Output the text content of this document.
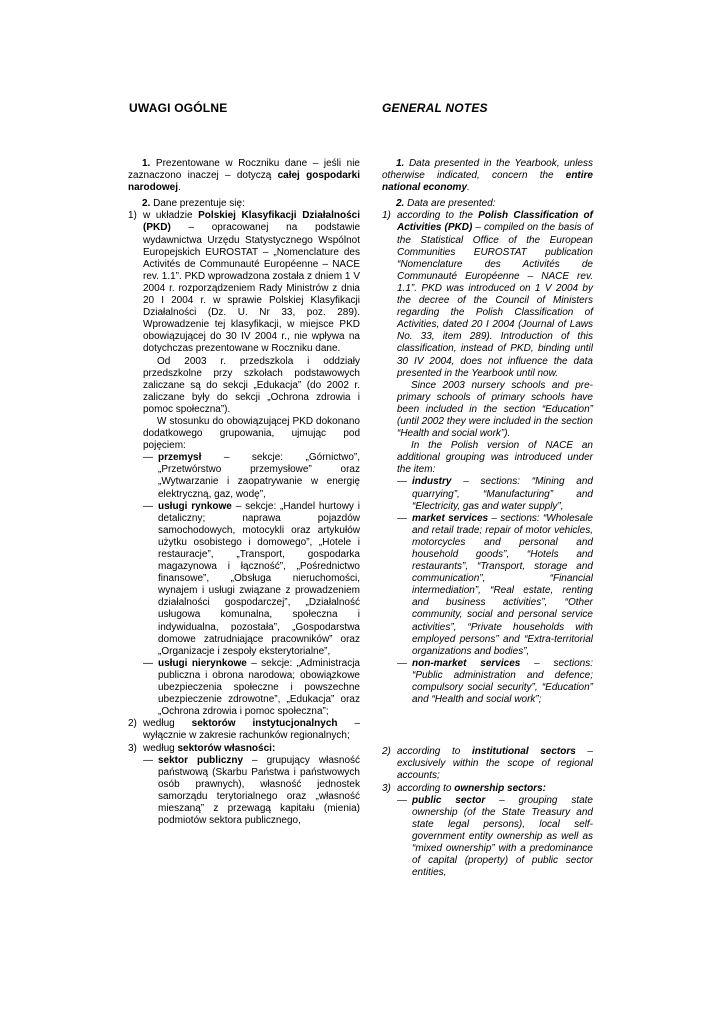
UWAGI OGÓLNE	GENERAL NOTES

1. Prezentowane w Roczniku dane – jeśli nie zaznaczono inaczej – dotyczą całej gospodarki narodowej.

2. Dane prezentuje się:

1) w układzie Polskiej Klasyfikacji Działalności (PKD) – opracowanej na podstawie wydawnictwa Urzędu Statystycznego Wspólnot Europejskich EUROSTAT – „Nomenclature des Activités de Communauté Européenne – NACE rev. 1.1”. PKD wprowadzona została z dniem 1 V 2004 r. rozporządzeniem Rady Ministrów z dnia 20 I 2004 r. w sprawie Polskiej Klasyfikacji Działalności (Dz. U. Nr 33, poz. 289). Wprowadzenie tej klasyfikacji, w miejsce PKD obowiązującej do 30 IV 2004 r., nie wpływa na dotychczas prezentowane w Roczniku dane.

Od 2003 r. przedszkola i oddziały przedszkolne przy szkołach podstawowych zaliczane są do sekcji „Edukacja” (do 2002 r. zaliczane były do sekcji „Ochrona zdrowia i pomoc społeczna”).

W stosunku do obowiązującej PKD dokonano dodatkowego grupowania, ujmując pod pojęciem:

— przemysł – sekcje: „Górnictwo”, „Przetwórstwo przemysłowe” oraz „Wytwarzanie i zaopatrywanie w energię elektryczną, gaz, wodę”,

— usługi rynkowe – sekcje: „Handel hurtowy i detaliczny; naprawa pojazdów samochodowych, motocykli oraz artykułów użytku osobistego i domowego”, „Hotele i restauracje”, „Transport, gospodarka magazynowa i łączność”, „Pośrednictwo finansowe”, „Obsługa nieruchomości, wynajem i usługi związane z prowadzeniem działalności gospodarczej”, „Działalność usługowa komunalna, społeczna i indywidualna, pozostała”, „Gospodarstwa domowe zatrudniające pracowników” oraz „Organizacje i zespoły eksterytorialne”,

— usługi nierynkowe – sekcje: „Administracja publiczna i obrona narodowa; obowiązkowe ubezpieczenia społeczne i powszechne ubezpieczenie zdrowotne”, „Edukacja” oraz „Ochrona zdrowia i pomoc społeczna”;

2) według sektorów instytucjonalnych – wyłącznie w zakresie rachunków regionalnych;

3) według sektorów własności:

— sektor publiczny – grupujący własność państwową (Skarbu Państwa i państwowych osób prawnych), własność jednostek samorządu terytorialnego oraz „własność mieszaną” z przewagą kapitału (mienia) podmiotów sektora publicznego,

1. Data presented in the Yearbook, unless otherwise indicated, concern the entire national economy.

2. Data are presented:

1) according to the Polish Classification of Activities (PKD) – compiled on the basis of the Statistical Office of the European Communities EUROSTAT publication “Nomenclature des Activités de Communauté Européenne – NACE rev. 1.1”. PKD was introduced on 1 V 2004 by the decree of the Council of Ministers regarding the Polish Classification of Activities, dated 20 I 2004 (Journal of Laws No. 33, item 289). Introduction of this classification, instead of PKD, binding until 30 IV 2004, does not influence the data presented in the Yearbook until now.

Since 2003 nursery schools and pre-primary schools of primary schools have been included in the section “Education” (until 2002 they were included in the section “Health and social work”).

In the Polish version of NACE an additional grouping was introduced under the item:

— industry – sections: “Mining and quarrying”, “Manufacturing” and “Electricity, gas and water supply”,

— market services – sections: “Wholesale and retail trade; repair of motor vehicles, motorcycles and personal and household goods”, “Hotels and restaurants”, “Transport, storage and communication”, “Financial intermediation”, “Real estate, renting and business activities”, “Other community, social and personal service activities”, “Private households with employed persons” and “Extra-territorial organizations and bodies”,

— non-market services – sections: “Public administration and defence; compulsory social security”, “Education” and “Health and social work”;

2) according to institutional sectors – exclusively within the scope of regional accounts;

3) according to ownership sectors:

— public sector – grouping state ownership (of the State Treasury and state legal persons), local self-government entity ownership as well as “mixed ownership” with a predominance of capital (property) of public sector entities,
